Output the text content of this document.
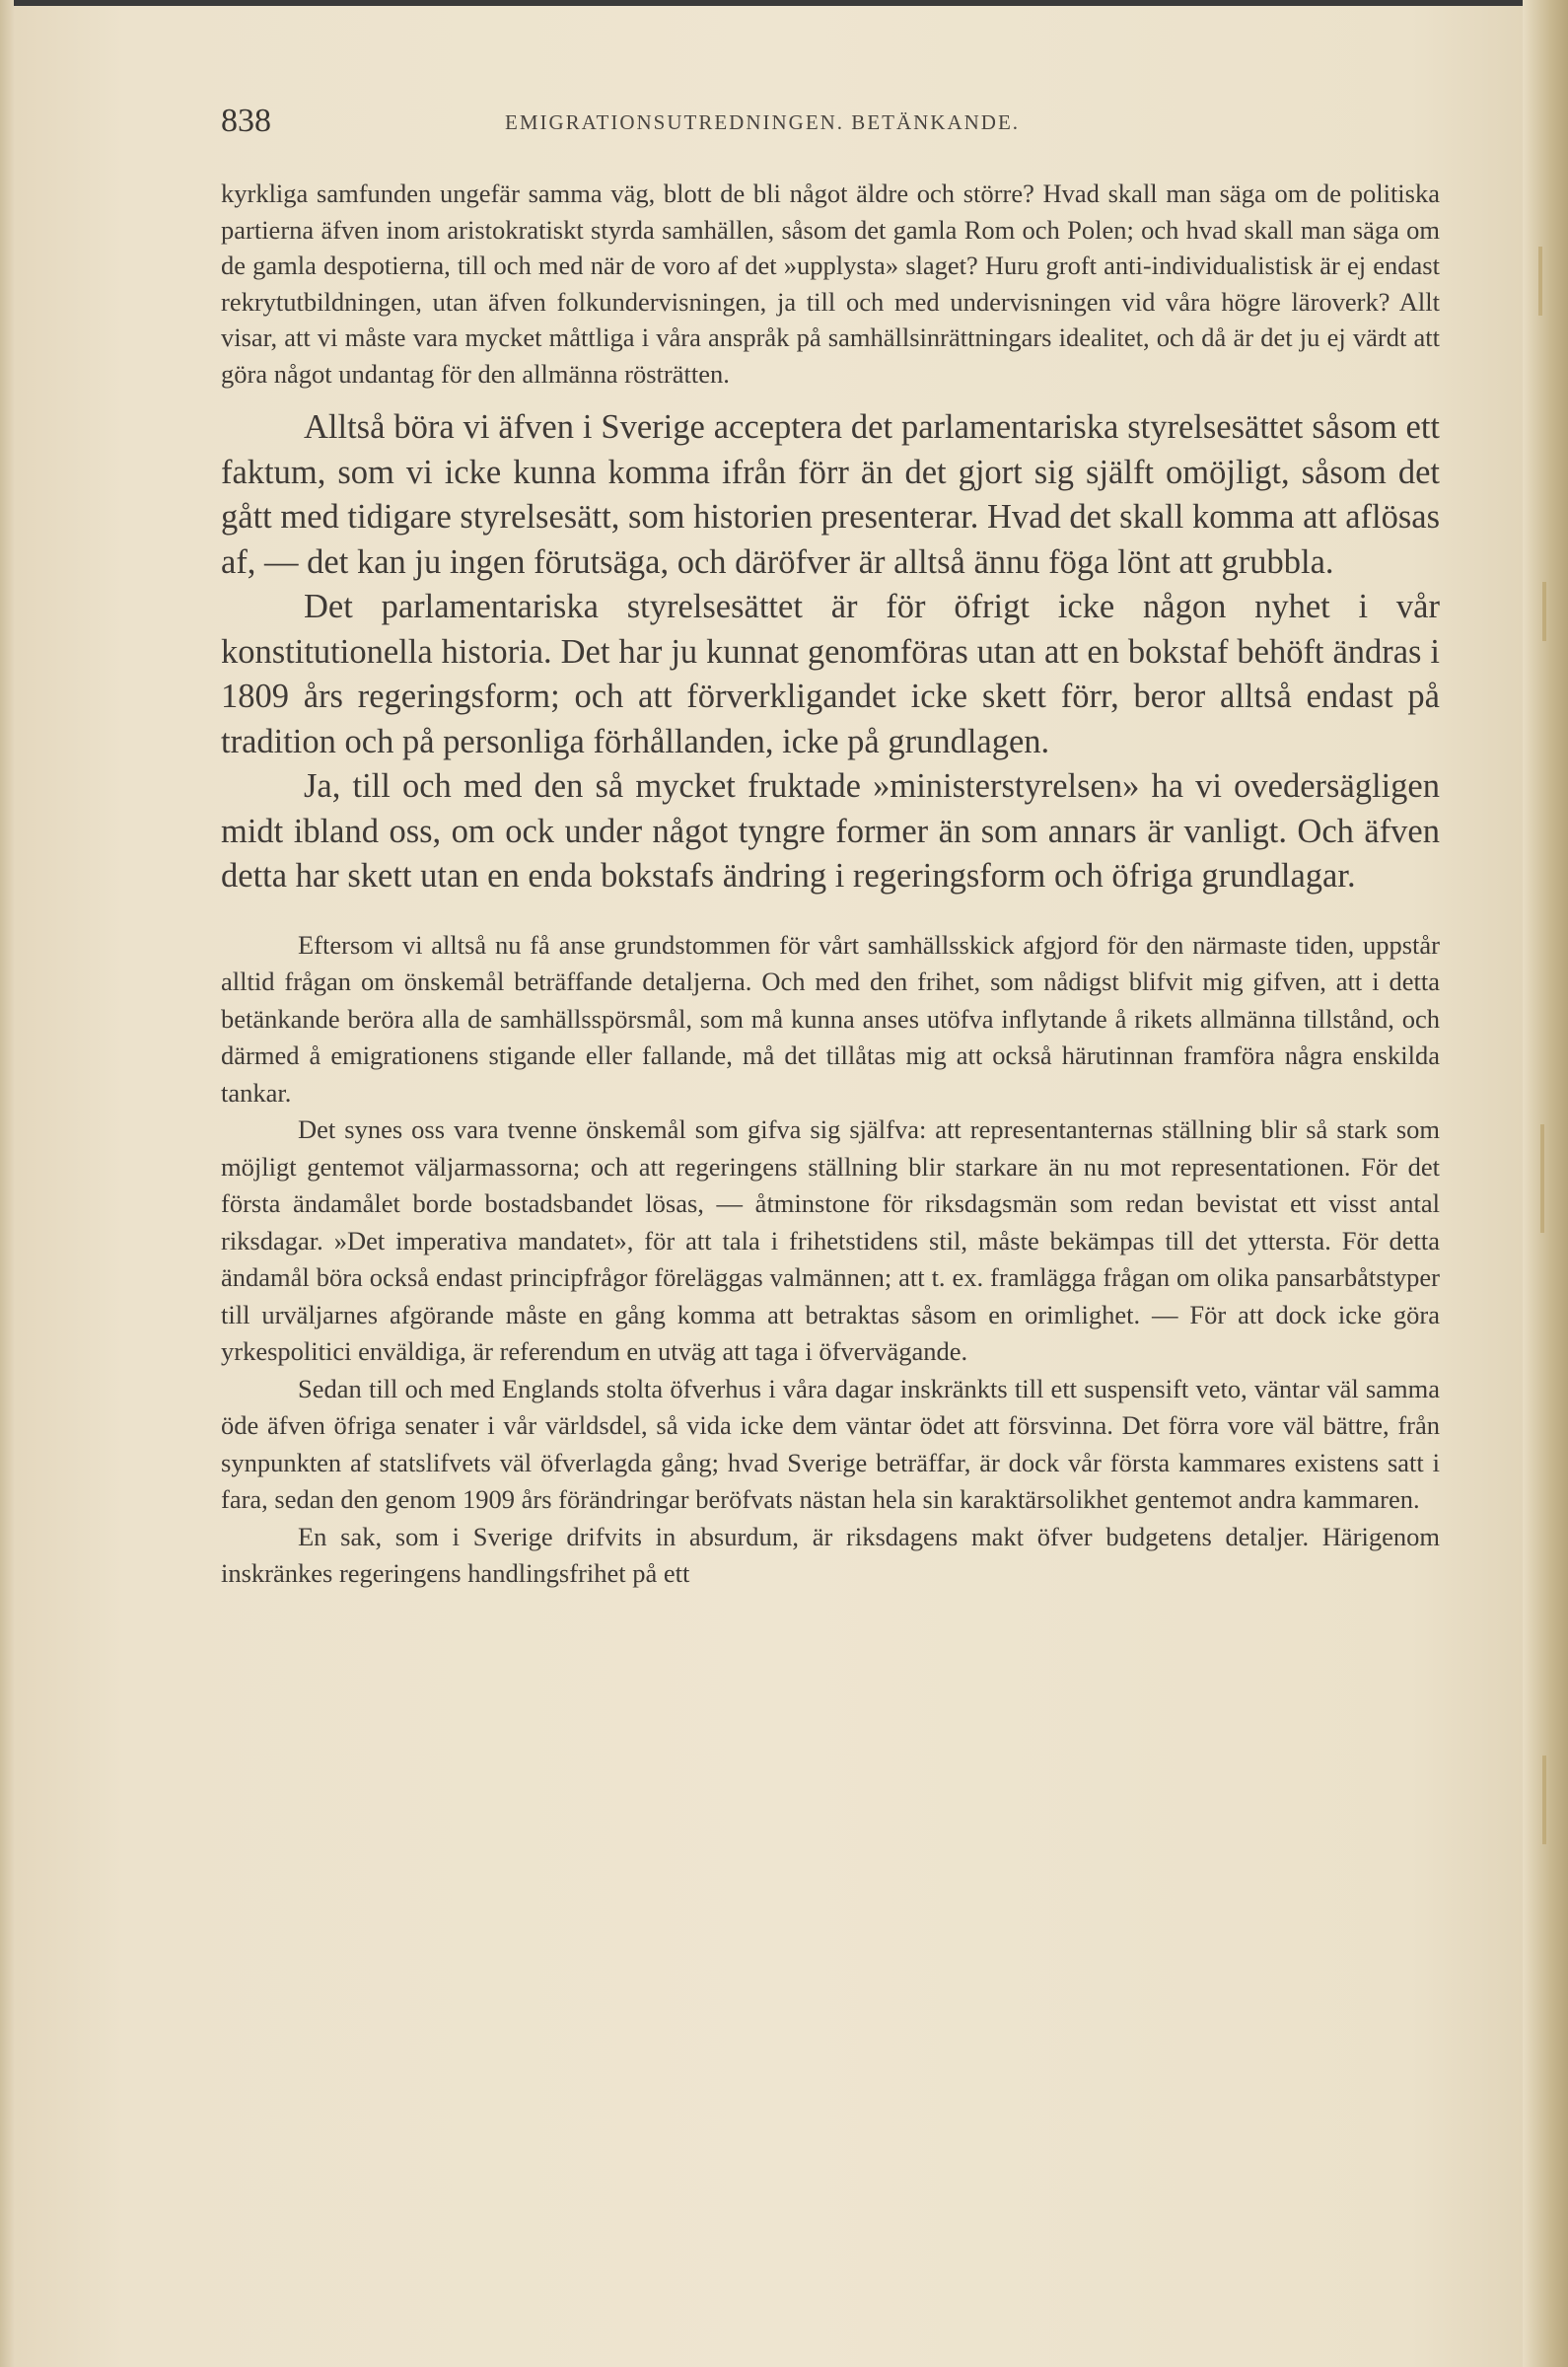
838	EMIGRATIONSUTREDNINGEN. BETÄNKANDE.

kyrkliga samfunden ungefär samma väg, blott de bli något äldre och större? Hvad skall man säga om de politiska partierna äfven inom aristokratiskt styrda samhällen, såsom det gamla Rom och Polen; och hvad skall man säga om de gamla despotierna, till och med när de voro af det »upplysta» slaget? Huru groft anti-individualistisk är ej endast rekrytutbildningen, utan äfven folkundervisningen, ja till och med undervisningen vid våra högre läroverk? Allt visar, att vi måste vara mycket måttliga i våra anspråk på samhällsinrättningars idealitet, och då är det ju ej värdt att göra något undantag för den allmänna rösträtten.

Alltså böra vi äfven i Sverige acceptera det parlamentariska styrelsesättet såsom ett faktum, som vi icke kunna komma ifrån förr än det gjort sig själft omöjligt, såsom det gått med tidigare styrelsesätt, som historien presenterar. Hvad det skall komma att aflösas af, — det kan ju ingen förutsäga, och däröfver är alltså ännu föga lönt att grubbla.

Det parlamentariska styrelsesättet är för öfrigt icke någon nyhet i vår konstitutionella historia. Det har ju kunnat genomföras utan att en bokstaf behöft ändras i 1809 års regeringsform; och att förverkligandet icke skett förr, beror alltså endast på tradition och på personliga förhållanden, icke på grundlagen.

Ja, till och med den så mycket fruktade »ministerstyrelsen» ha vi ovedersägligen midt ibland oss, om ock under något tyngre former än som annars är vanligt. Och äfven detta har skett utan en enda bokstafs ändring i regeringsform och öfriga grundlagar.

Eftersom vi alltså nu få anse grundstommen för vårt samhällsskick afgjord för den närmaste tiden, uppstår alltid frågan om önskemål beträffande detaljerna. Och med den frihet, som nådigst blifvit mig gifven, att i detta betänkande beröra alla de samhällsspörsmål, som må kunna anses utöfva inflytande å rikets allmänna tillstånd, och därmed å emigrationens stigande eller fallande, må det tillåtas mig att också härutinnan framföra några enskilda tankar.

Det synes oss vara tvenne önskemål som gifva sig själfva: att representanternas ställning blir så stark som möjligt gentemot väljarmassorna; och att regeringens ställning blir starkare än nu mot representationen. För det första ändamålet borde bostadsbandet lösas, — åtminstone för riksdagsmän som redan bevistat ett visst antal riksdagar. »Det imperativa mandatet», för att tala i frihetstidens stil, måste bekämpas till det yttersta. För detta ändamål böra också endast principfrågor föreläggas valmännen; att t. ex. framlägga frågan om olika pansarbåtstyper till urväljarnes afgörande måste en gång komma att betraktas såsom en orimlighet. — För att dock icke göra yrkespolitici enväldiga, är referendum en utväg att taga i öfvervägande.

Sedan till och med Englands stolta öfverhus i våra dagar inskränkts till ett suspensift veto, väntar väl samma öde äfven öfriga senater i vår världsdel, så vida icke dem väntar ödet att försvinna. Det förra vore väl bättre, från synpunkten af statslifvets väl öfverlagda gång; hvad Sverige beträffar, är dock vår första kammares existens satt i fara, sedan den genom 1909 års förändringar beröfvats nästan hela sin karaktärsolikhet gentemot andra kammaren.

En sak, som i Sverige drifvits in absurdum, är riksdagens makt öfver budgetens detaljer. Härigenom inskränkes regeringens handlingsfrihet på ett
